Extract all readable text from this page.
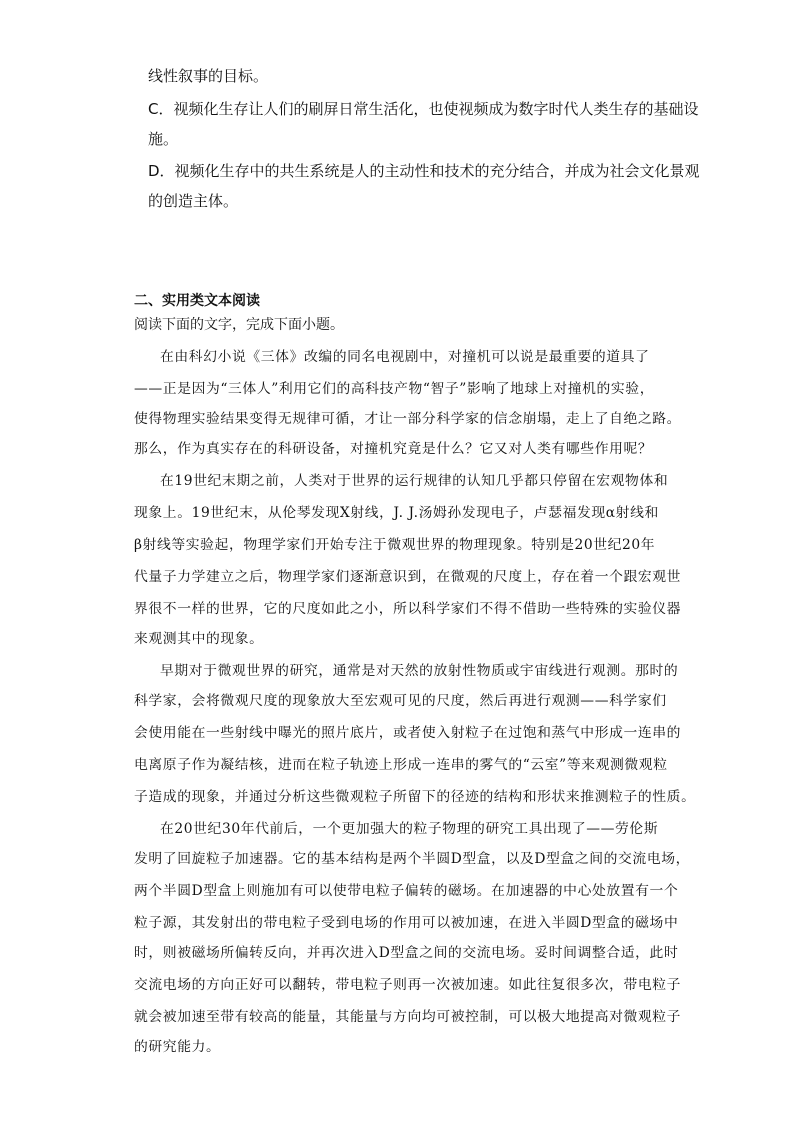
线性叙事的目标。
C．视频化生存让人们的刷屏日常生活化，也使视频成为数字时代人类生存的基础设
施。
D．视频化生存中的共生系统是人的主动性和技术的充分结合，并成为社会文化景观
的创造主体。
二、实用类文本阅读
阅读下面的文字，完成下面小题。
在由科幻小说《三体》改编的同名电视剧中，对撞机可以说是最重要的道具了
——正是因为“三体人”利用它们的高科技产物“智子”影响了地球上对撞机的实验，
使得物理实验结果变得无规律可循，才让一部分科学家的信念崩塌，走上了自绝之路。
那么，作为真实存在的科研设备，对撞机究竟是什么？它又对人类有哪些作用呢？
在19世纪末期之前，人类对于世界的运行规律的认知几乎都只停留在宏观物体和
现象上。19世纪末，从伦琴发现X射线，J. J.汤姆孙发现电子，卢瑟福发现α射线和
β射线等实验起，物理学家们开始专注于微观世界的物理现象。特别是20世纪20年
代量子力学建立之后，物理学家们逐渐意识到，在微观的尺度上，存在着一个跟宏观世
界很不一样的世界，它的尺度如此之小，所以科学家们不得不借助一些特殊的实验仪器
来观测其中的现象。
早期对于微观世界的研究，通常是对天然的放射性物质或宇宙线进行观测。那时的
科学家，会将微观尺度的现象放大至宏观可见的尺度，然后再进行观测——科学家们
会使用能在一些射线中曝光的照片底片，或者使入射粒子在过饱和蒸气中形成一连串的
电离原子作为凝结核，进而在粒子轨迹上形成一连串的雾气的“云室”等来观测微观粒
子造成的现象，并通过分析这些微观粒子所留下的径迹的结构和形状来推测粒子的性质。
在20世纪30年代前后，一个更加强大的粒子物理的研究工具出现了——劳伦斯
发明了回旋粒子加速器。它的基本结构是两个半圆D型盒，以及D型盒之间的交流电场，
两个半圆D型盒上则施加有可以使带电粒子偏转的磁场。在加速器的中心处放置有一个
粒子源，其发射出的带电粒子受到电场的作用可以被加速，在进入半圆D型盒的磁场中
时，则被磁场所偏转反向，并再次进入D型盒之间的交流电场。妥时间调整合适，此时
交流电场的方向正好可以翻转，带电粒子则再一次被加速。如此往复很多次，带电粒子
就会被加速至带有较高的能量，其能量与方向均可被控制，可以极大地提高对微观粒子
的研究能力。
